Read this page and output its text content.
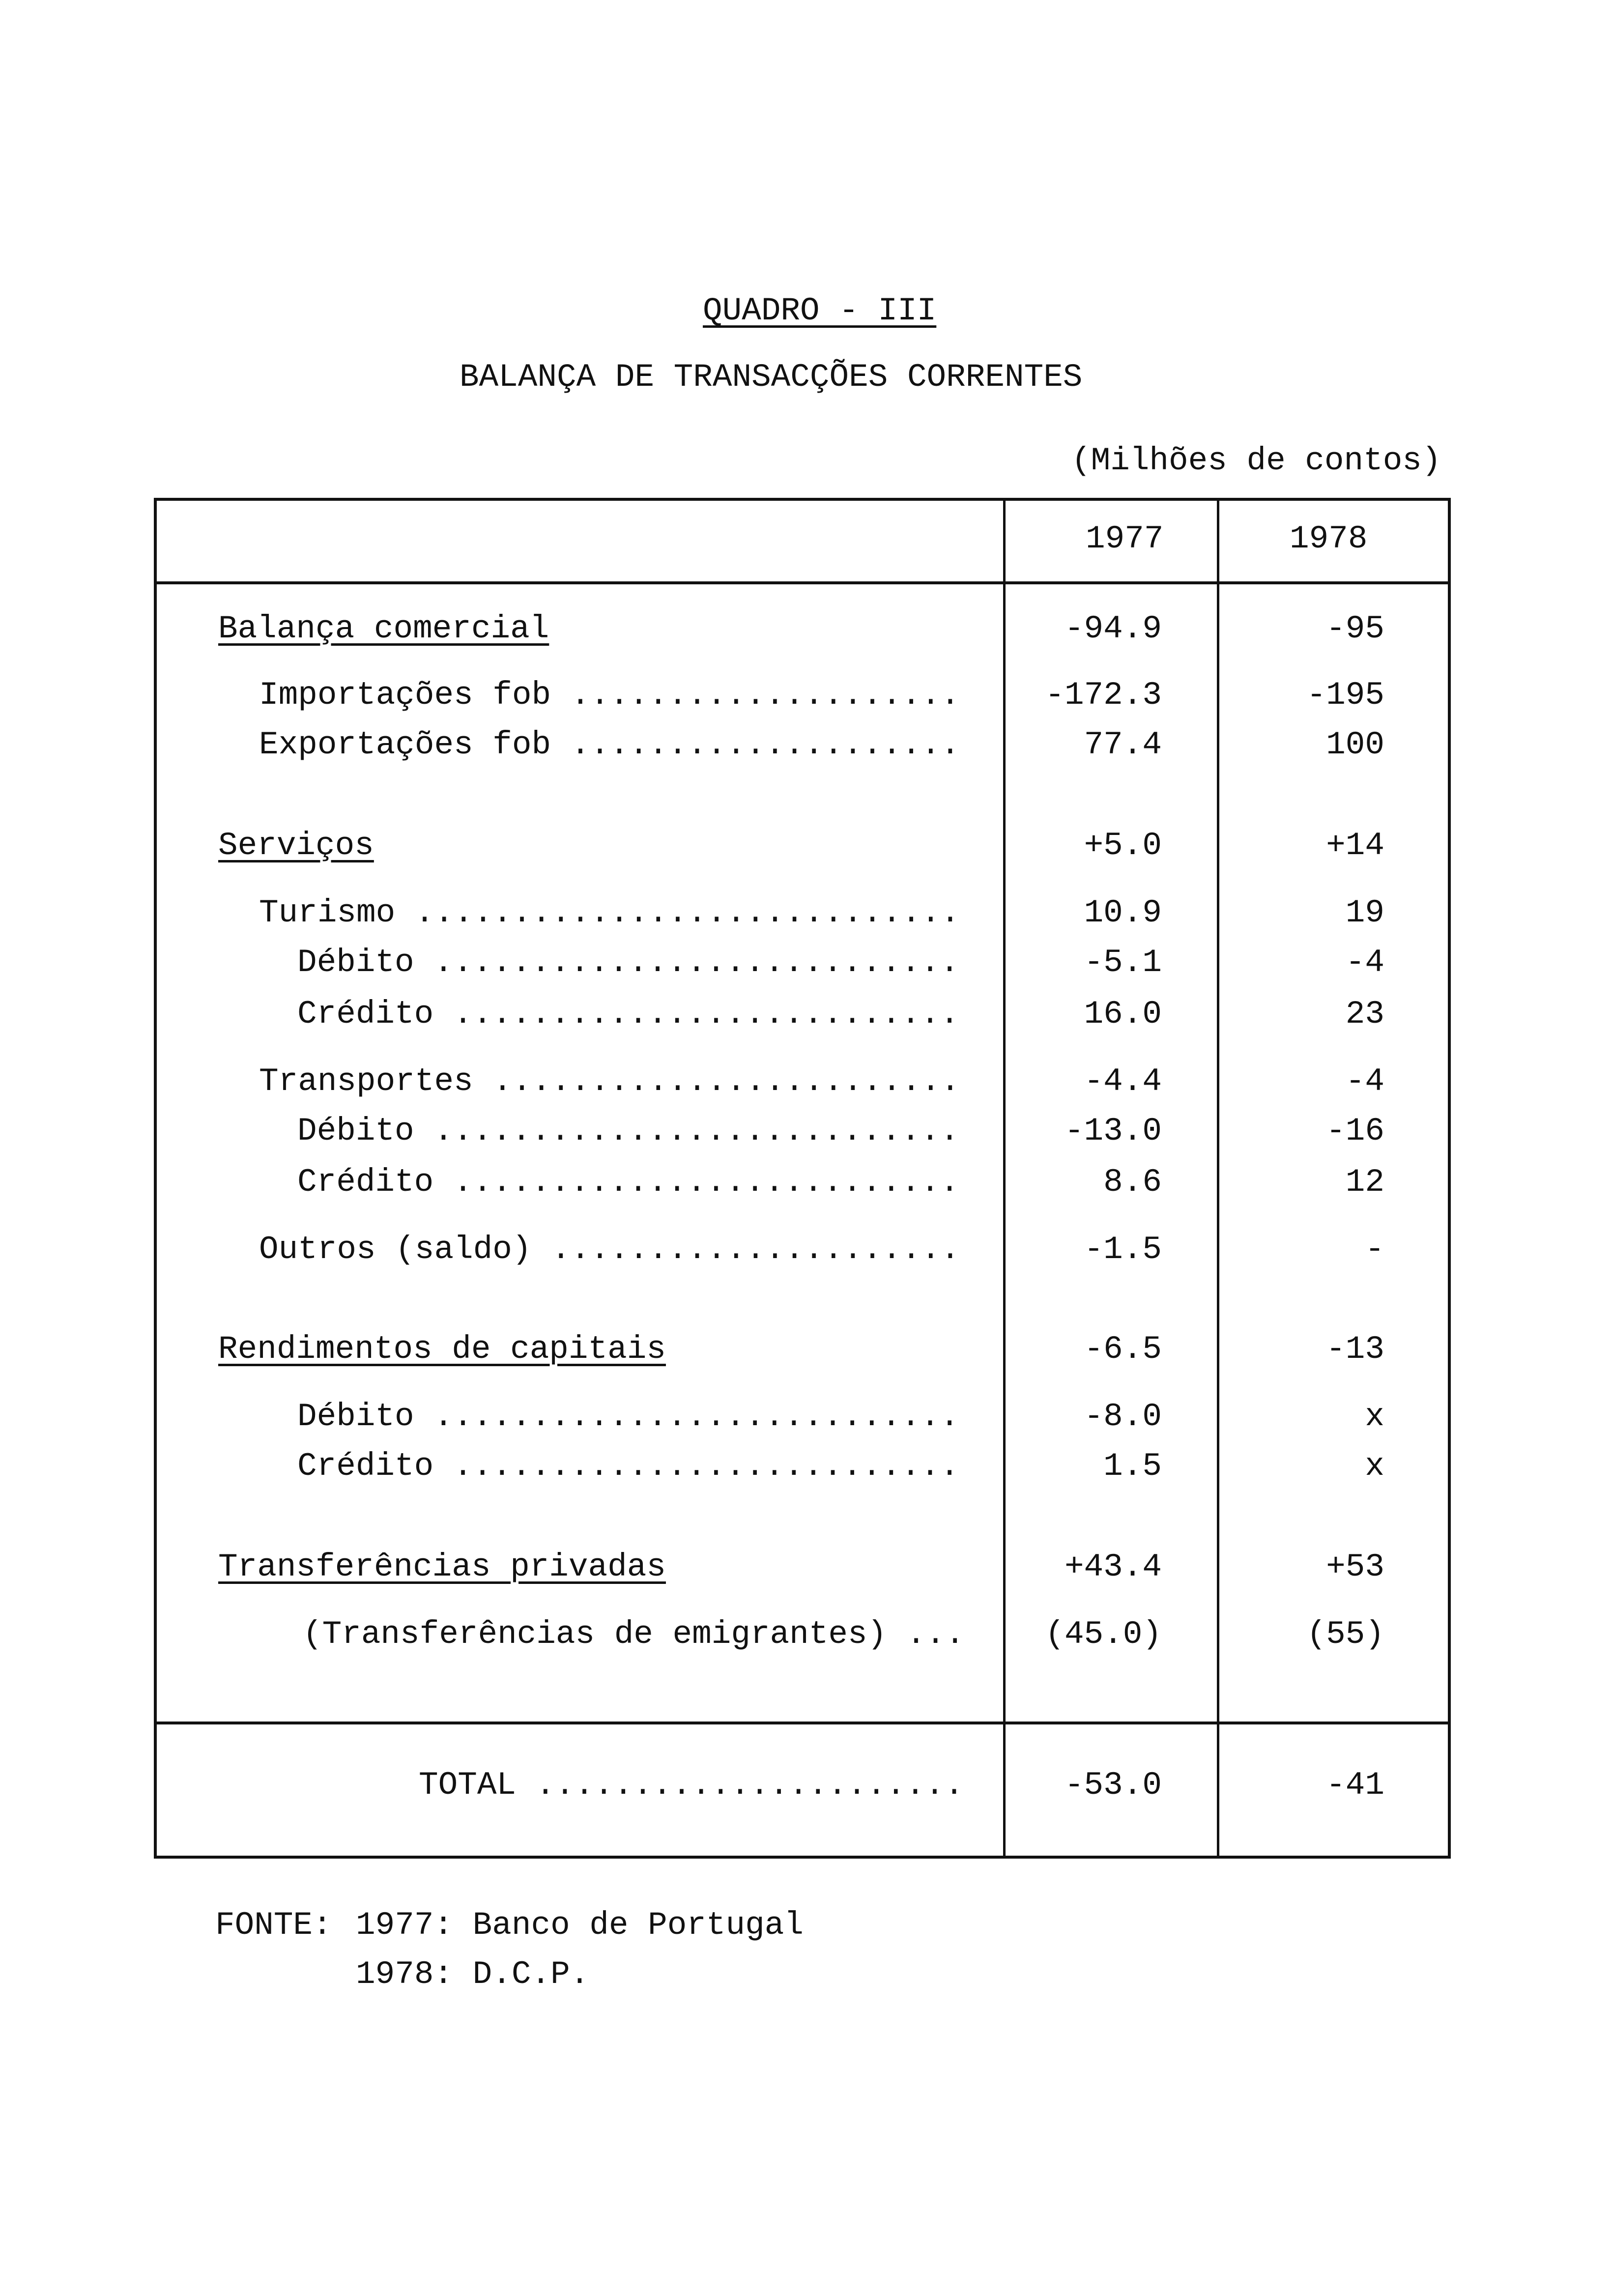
QUADRO - III
BALANÇA DE TRANSACÇÕES CORRENTES
(Milhões de contos)
1977	1978
Balança comercial	-94.9	-95
Importações fob .....	-172.3	-195
Exportações fob .....	77.4	100
Serviços	+5.0	+14
Turismo .....	10.9	19
Débito .....	-5.1	-4
Crédito .....	16.0	23
Transportes .....	-4.4	-4
Débito .....	-13.0	-16
Crédito .....	8.6	12
Outros (saldo) .....	-1.5	-
Rendimentos de capitais	-6.5	-13
Débito .....	-8.0	x
Crédito .....	1.5	x
Transferências privadas	+43.4	+53
(Transferências de emigrantes) .....	(45.0)	(55)
TOTAL .....	-53.0	-41
FONTE: 1977: Banco de Portugal
1978: D.C.P.
